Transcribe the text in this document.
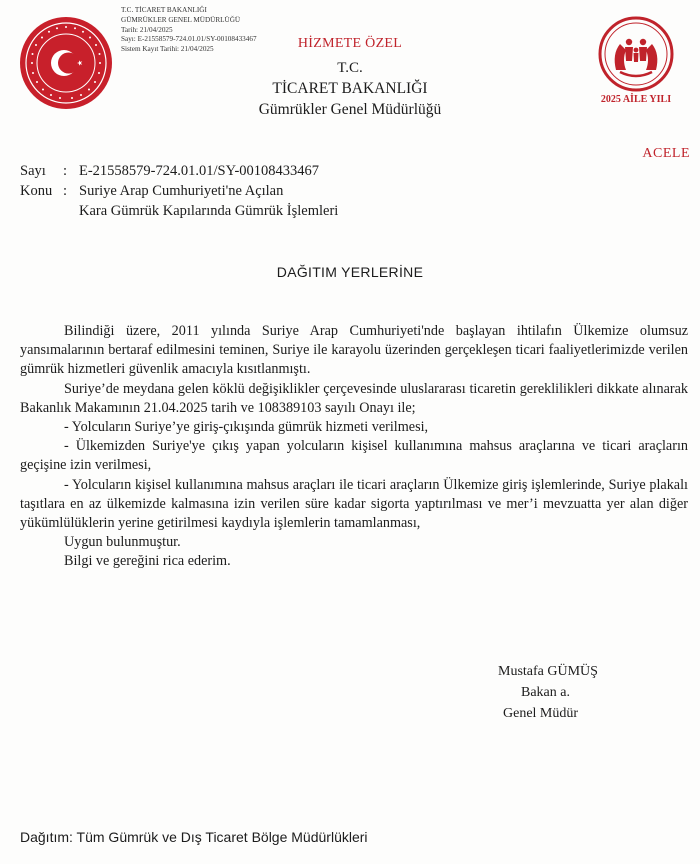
T.C. TİCARET BAKANLIĞI
GÜMRÜKLER GENEL MÜDÜRLÜĞÜ
Tarih: 21/04/2025
Sayı: E-21558579-724.01.01/SY-00108433467
Sistem Kayıt Tarihi: 21/04/2025	HİZMETE ÖZEL
T.C.
TİCARET BAKANLIĞI
Gümrükler Genel Müdürlüğü
2025 AİLE YILI
ACELE
Sayı	: E-21558579-724.01.01/SY-00108433467
Konu : Suriye Arap Cumhuriyeti'ne Açılan
Kara Gümrük Kapılarında Gümrük İşlemleri
DAĞITIM YERLERİNE

Bilindiği üzere, 2011 yılında Suriye Arap Cumhuriyeti'nde başlayan ihtilafın Ülkemize olumsuz yansımalarının bertaraf edilmesini teminen, Suriye ile karayolu üzerinden gerçekleşen ticari faaliyetlerimizde verilen gümrük hizmetleri güvenlik amacıyla kısıtlanmıştı.

Suriye’de meydana gelen köklü değişiklikler çerçevesinde uluslararası ticaretin gereklilikleri dikkate alınarak Bakanlık Makamının 21.04.2025 tarih ve 108389103 sayılı Onayı ile;

- Yolcuların Suriye’ye giriş-çıkışında gümrük hizmeti verilmesi,

- Ülkemizden Suriye'ye çıkış yapan yolcuların kişisel kullanımına mahsus araçlarına ve ticari araçların geçişine izin verilmesi,

- Yolcuların kişisel kullanımına mahsus araçları ile ticari araçların Ülkemize giriş işlemlerinde, Suriye plakalı taşıtlara en az ülkemizde kalmasına izin verilen süre kadar sigorta yaptırılması ve mer’i mevzuatta yer alan diğer yükümlülüklerin yerine getirilmesi kaydıyla işlemlerin tamamlanması,

Uygun bulunmuştur.

Bilgi ve gereğini rica ederim.

Mustafa GÜMÜŞ
Bakan a.
Genel Müdür
Dağıtım: Tüm Gümrük ve Dış Ticaret Bölge Müdürlükleri
